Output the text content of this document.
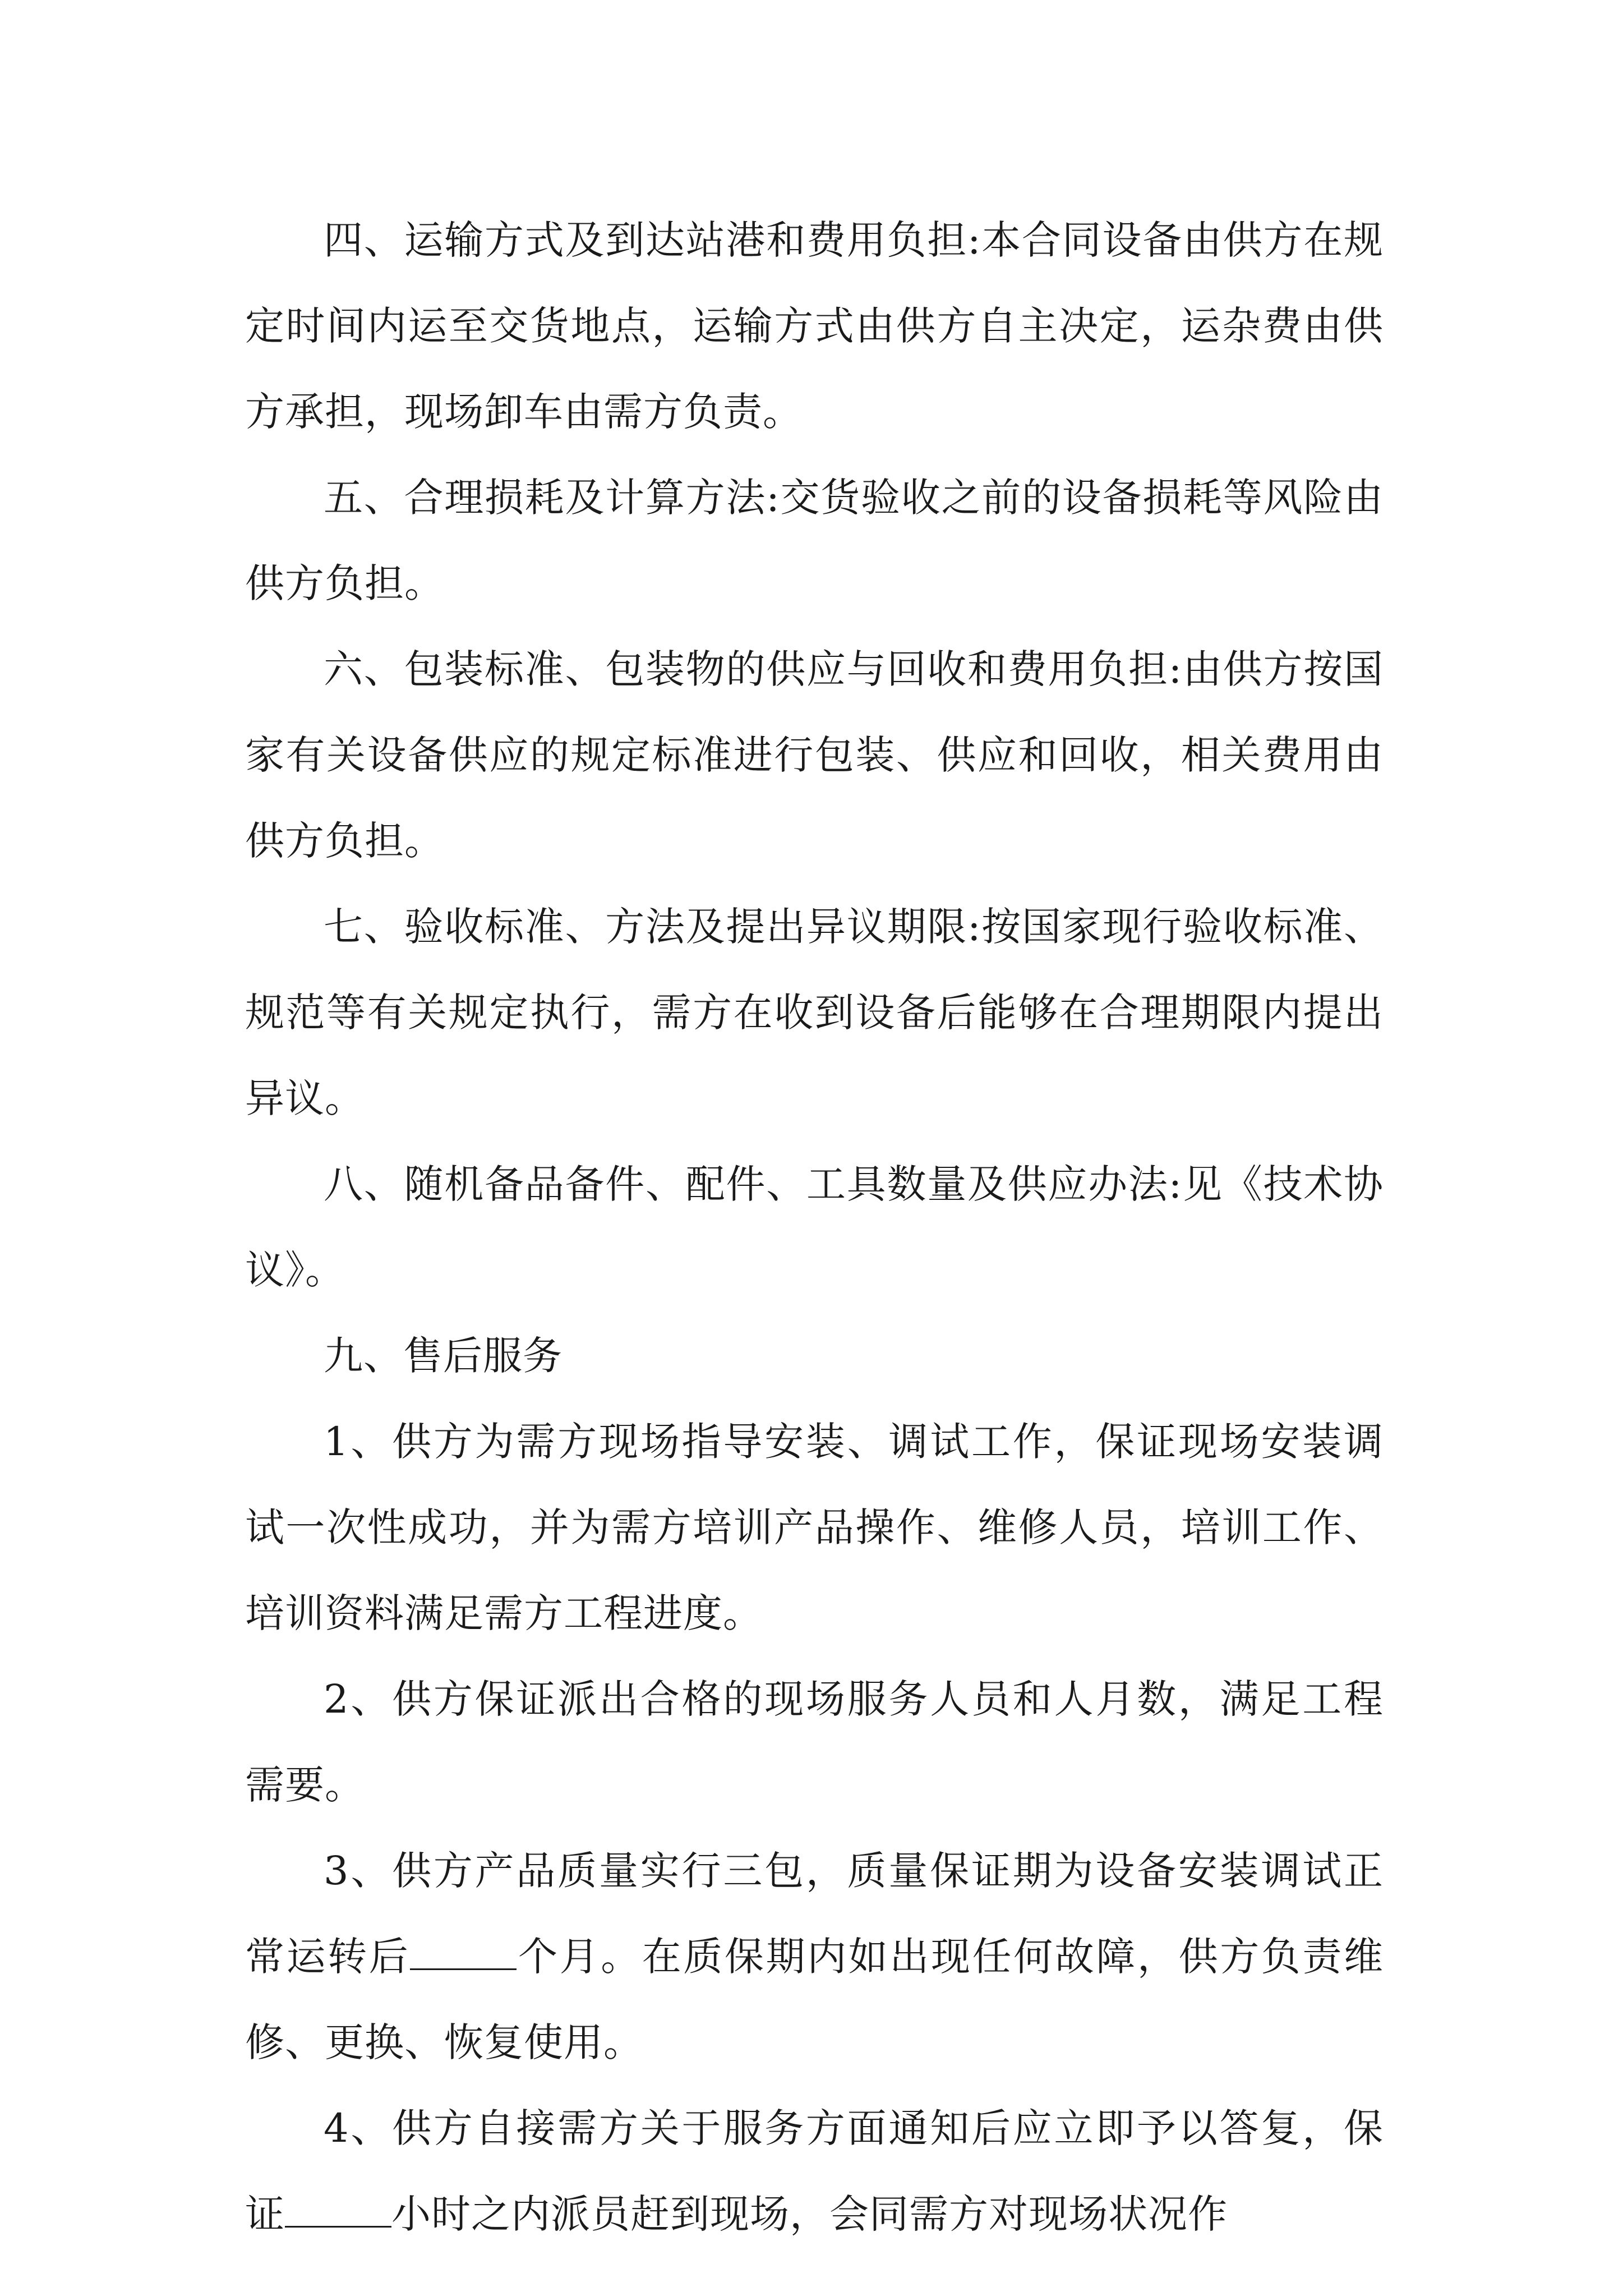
四、运输方式及到达站港和费用负担:本合同设备由供方在规定时间内运至交货地点，运输方式由供方自主决定，运杂费由供方承担，现场卸车由需方负责。

五、合理损耗及计算方法:交货验收之前的设备损耗等风险由供方负担。

六、包装标准、包装物的供应与回收和费用负担:由供方按国家有关设备供应的规定标准进行包装、供应和回收，相关费用由供方负担。

七、验收标准、方法及提出异议期限:按国家现行验收标准、规范等有关规定执行，需方在收到设备后能够在合理期限内提出异议。

八、随机备品备件、配件、工具数量及供应办法:见《技术协议》。

九、售后服务

1、供方为需方现场指导安装、调试工作，保证现场安装调试一次性成功，并为需方培训产品操作、维修人员，培训工作、培训资料满足需方工程进度。

2、供方保证派出合格的现场服务人员和人月数，满足工程需要。

3、供方产品质量实行三包，质量保证期为设备安装调试正常运转后	个月。在质保期内如出现任何故障，供方负责维修、更换、恢复使用。

4、供方自接需方关于服务方面通知后应立即予以答复，保证	小时之内派员赶到现场，会同需方对现场状况作
